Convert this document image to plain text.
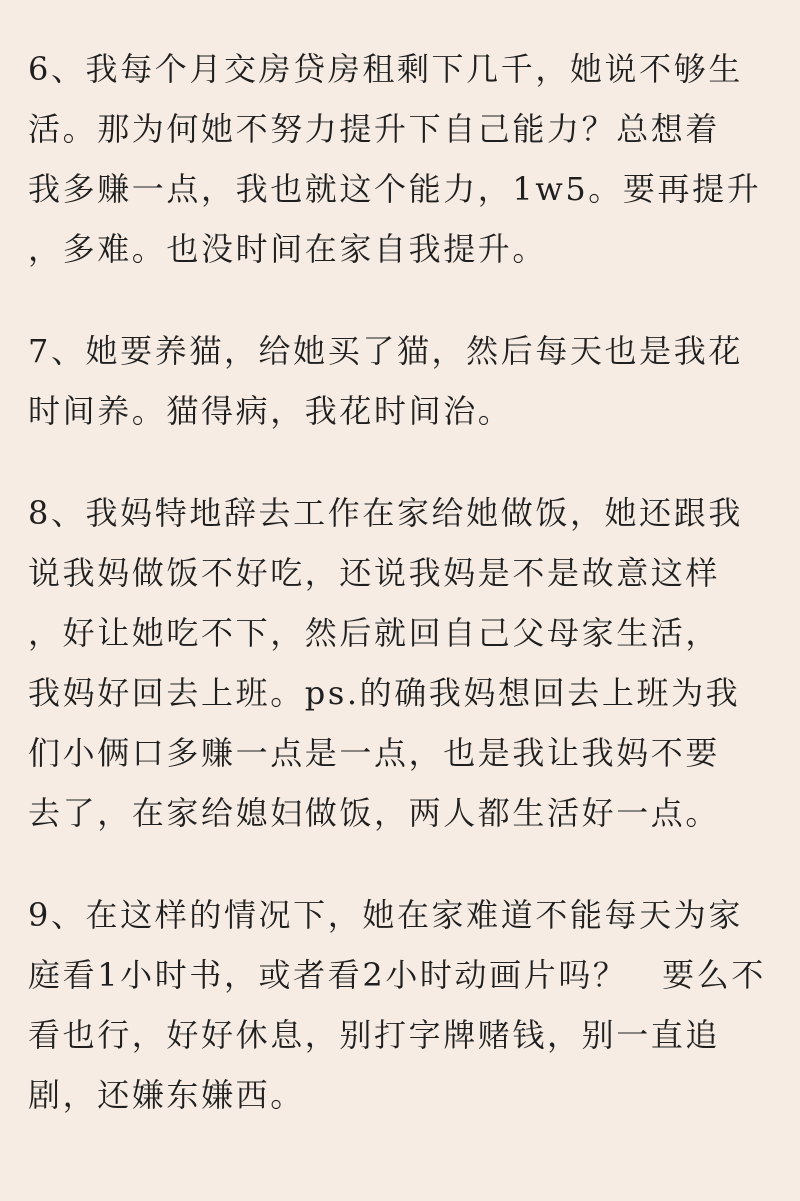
6、我每个月交房贷房租剩下几千，她说不够生
活。那为何她不努力提升下自己能力？总想着
我多赚一点，我也就这个能力，1w5。要再提升
，多难。也没时间在家自我提升。
7、她要养猫，给她买了猫，然后每天也是我花
时间养。猫得病，我花时间治。
8、我妈特地辞去工作在家给她做饭，她还跟我
说我妈做饭不好吃，还说我妈是不是故意这样
，好让她吃不下，然后就回自己父母家生活，
我妈好回去上班。ps.的确我妈想回去上班为我
们小俩口多赚一点是一点，也是我让我妈不要
去了，在家给媳妇做饭，两人都生活好一点。
9、在这样的情况下，她在家难道不能每天为家
庭看1小时书，或者看2小时动画片吗？　要么不
看也行，好好休息，别打字牌赌钱，别一直追
剧，还嫌东嫌西。
